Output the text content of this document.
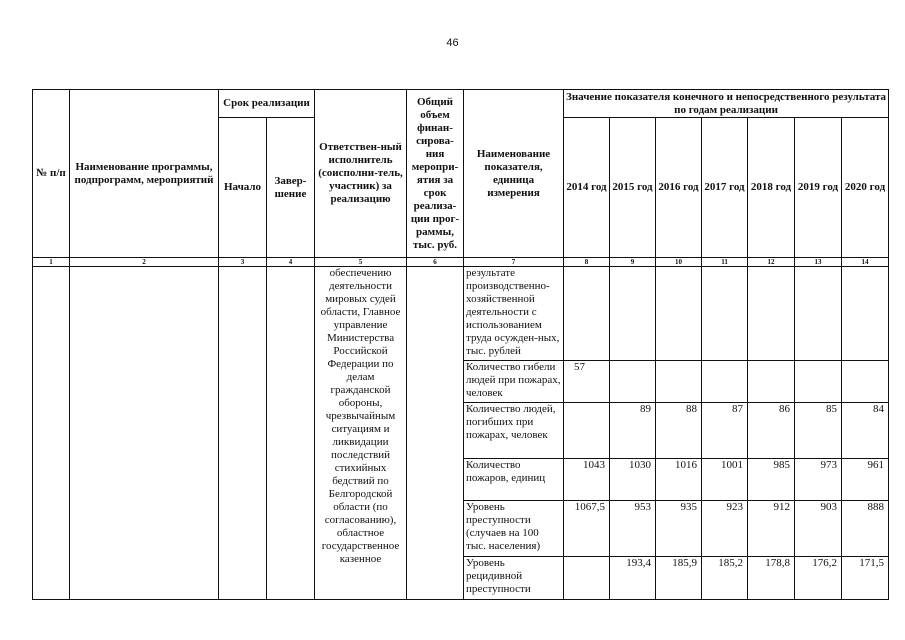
46
№ п/п	Наименование программы, подпрограмм, мероприятий	Срок реализации		Ответствен-ный исполнитель (соисполни-тель, участник) за реализацию	Общий объем финан-сирова-ния меропри-ятия за срок реализа-ции прог-раммы, тыс. руб.	Наименование показателя, единица измерения	Значение показателя конечного и непосредственного результата по годам реализации						
		Начало	Завер-шение				2014 год	2015 год	2016 год	2017 год	2018 год	2019 год	2020 год

1	2	3	4	5	6	7	8	9	10	11	12	13	14
				обеспечению деятельности мировых судей области, Главное управление Министерства Российской Федерации по делам гражданской обороны, чрезвычайным ситуациям и ликвидации последствий стихийных бедствий по Белгородской области (по согласованию), областное государственное казенное		результате производственно-хозяйственной деятельности с использованием труда осужден-ных, тыс. рублей							
						Количество гибели людей при пожарах, человек	57						
						Количество людей, погибших при пожарах, человек		89	88	87	86	85	84
						Количество пожаров, единиц	1043	1030	1016	1001	985	973	961
						Уровень преступности (случаев на 100 тыс. населения)	1067,5	953	935	923	912	903	888
						Уровень рецидивной преступности		193,4	185,9	185,2	178,8	176,2	171,5
